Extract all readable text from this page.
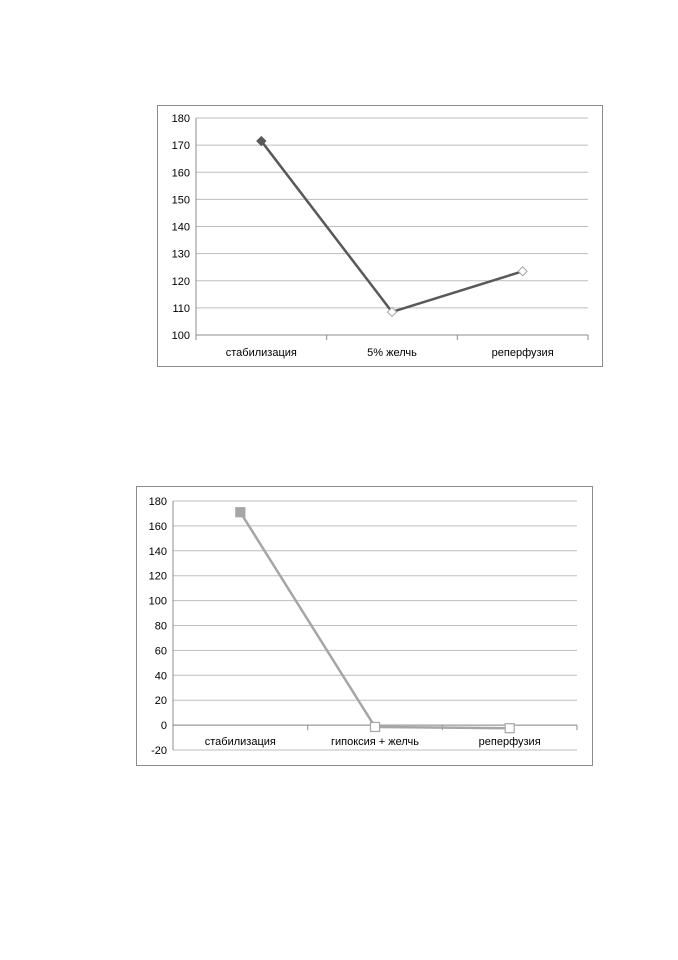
100
110
120
130
140
150
160
170
180
стабилизация	5% желчь	реперфузия
-20
0
20
40
60
80
100
120
140
160
180
стабилизация	гипоксия + желчь	реперфузия
